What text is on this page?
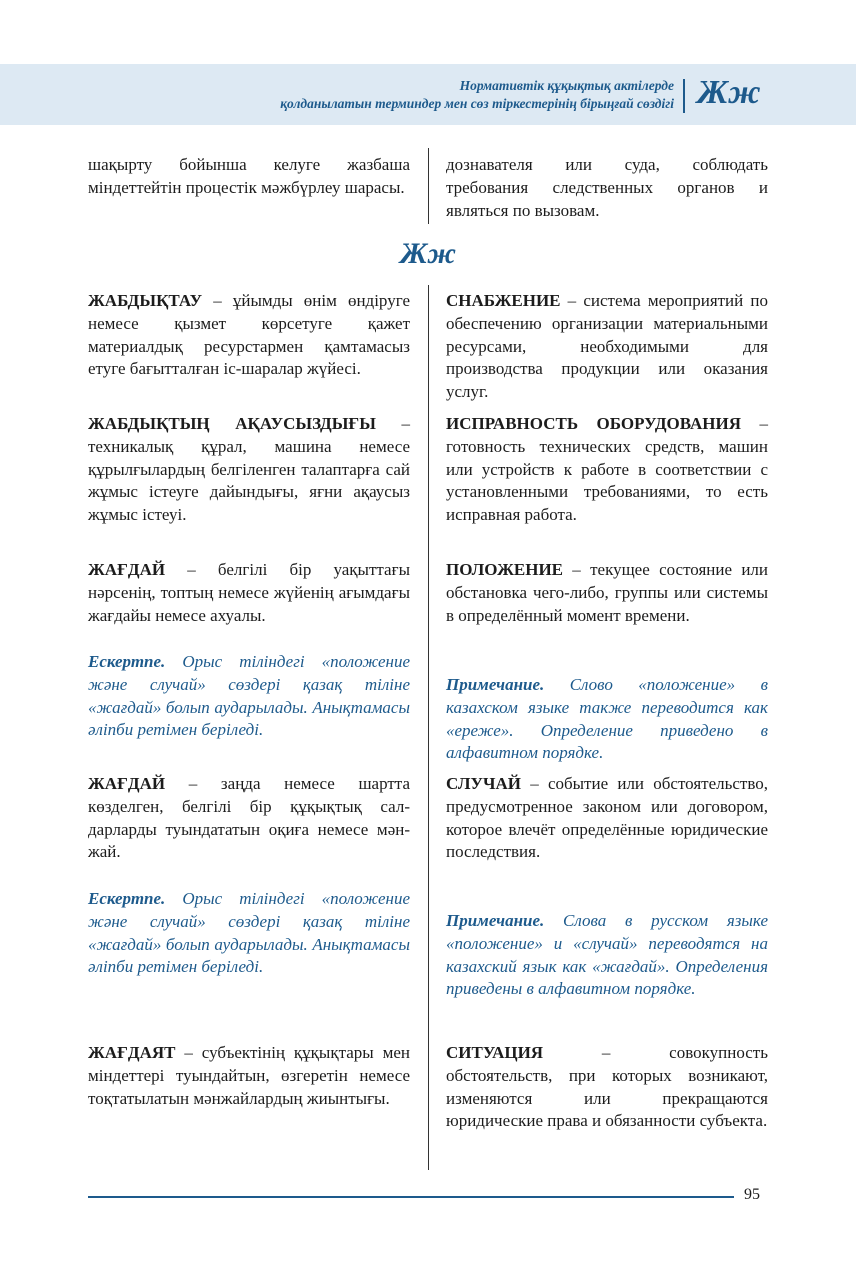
Нормативтік құқықтық актілерде
қолданылатын терминдер мен сөз тіркестерінің бірыңғай сөздігі Жж

шақырту бойынша келуге жазбаша міндеттейтін процестік мәжбүрлеу шарасы.

дознавателя или суда, соблюдать требования следственных органов и являться по вызовам.

Жж

ЖАБДЫҚТАУ – ұйымды өнім өндіруге немесе қызмет көрсетуге қажет материалдық ресурстармен қамтамасыз етуге бағытталған іс-шаралар жүйесі.

СНАБЖЕНИЕ – система мероприятий по обеспечению организации материальными ресурсами, необходимыми для производства продукции или оказания услуг.

ЖАБДЫҚТЫҢ АҚАУСЫЗДЫҒЫ – техникалық құрал, машина немесе құрылғылардың белгіленген талаптарға сай жұмыс істеуге дайындығы, яғни ақаусыз жұмыс істеуі.

ИСПРАВНОСТЬ ОБОРУДОВАНИЯ – готовность технических средств, машин или устройств к работе в соответствии с установленными требованиями, то есть исправная работа.

ЖАҒДАЙ – белгілі бір уақыттағы нәрсенің, топтың немесе жүйенің ағымдағы жағдайы немесе ахуалы.

ПОЛОЖЕНИЕ – текущее состояние или обстановка чего-либо, группы или системы в определённый момент времени.

Ескертпе. Орыс тіліндегі «положение және случай» сөздері қазақ тіліне «жағдай» болып аударылады. Анықтамасы әліпби ретімен беріледі.

Примечание. Слово «положение» в казахском языке также переводится как «ереже». Определение приведено в алфавитном порядке.

ЖАҒДАЙ – заңда немесе шартта көзделген, белгілі бір құқықтық салдарларды туындататын оқиға немесе мән-жай.

СЛУЧАЙ – событие или обстоятельство, предусмотренное законом или договором, которое влечёт определённые юридические последствия.

Ескертпе. Орыс тіліндегі «положение және случай» сөздері қазақ тіліне «жағдай» болып аударылады. Анықтамасы әліпби ретімен беріледі.

Примечание. Слова в русском языке «положение» и «случай» переводятся на казахский язык как «жағдай». Определения приведены в алфавитном порядке.

ЖАҒДАЯТ – субъектінің құқықтары мен міндеттері туындайтын, өзгеретін немесе тоқтатылатын мәнжайлардың жиынтығы.

СИТУАЦИЯ – совокупность обстоятельств, при которых возникают, изменяются или прекращаются юридические права и обязанности субъекта.

95
